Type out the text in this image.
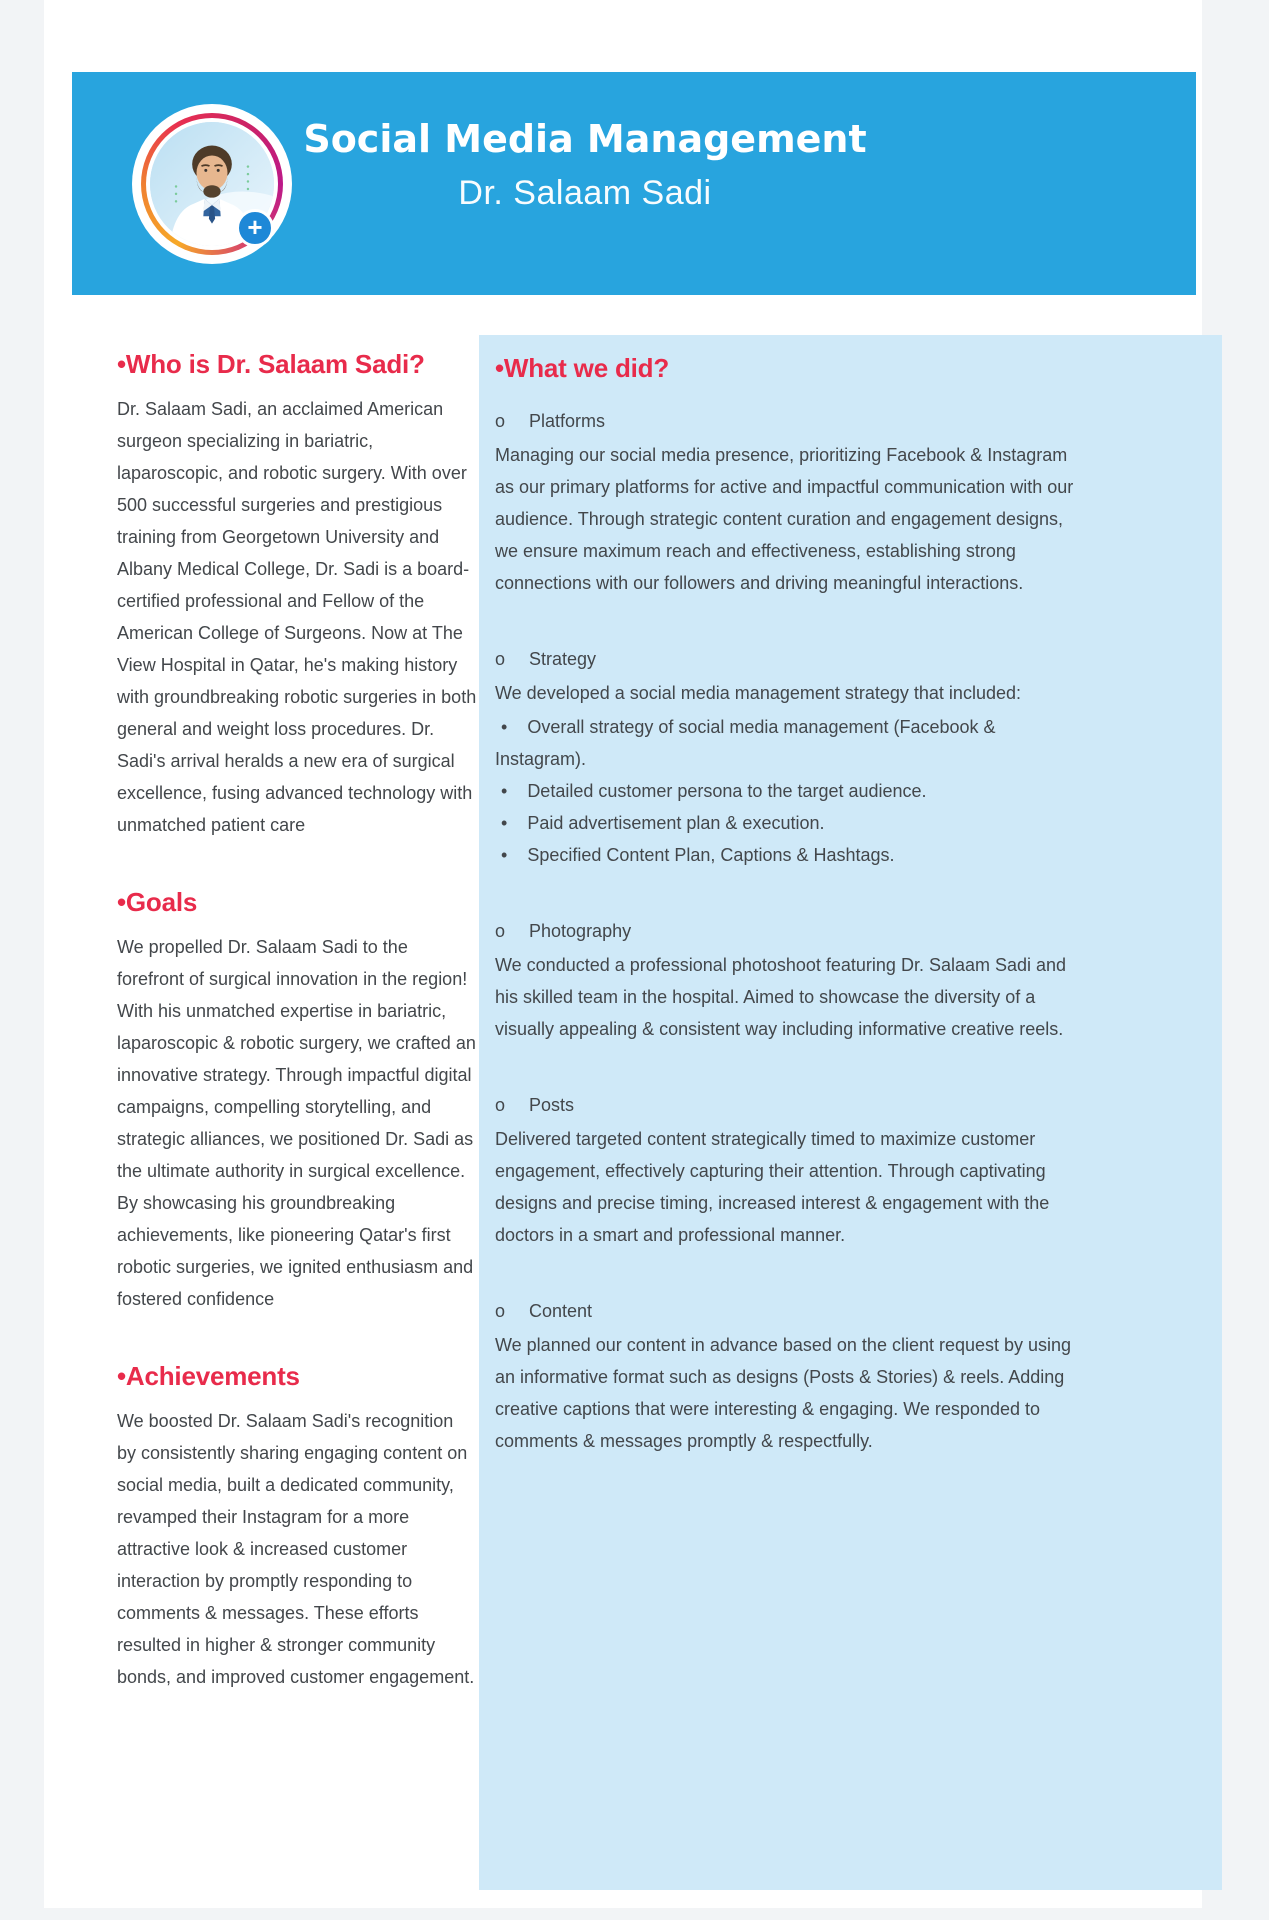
+
Social Media Management
Dr. Salaam Sadi
•Who is Dr. Salaam Sadi?
Dr. Salaam Sadi, an acclaimed American surgeon specializing in bariatric, laparoscopic, and robotic surgery. With over 500 successful surgeries and prestigious training from Georgetown University and Albany Medical College, Dr. Sadi is a board-certified professional and Fellow of the American College of Surgeons. Now at The View Hospital in Qatar, he's making history with groundbreaking robotic surgeries in both general and weight loss procedures. Dr. Sadi's arrival heralds a new era of surgical excellence, fusing advanced technology with unmatched patient care
•Goals
We propelled Dr. Salaam Sadi to the forefront of surgical innovation in the region! With his unmatched expertise in bariatric, laparoscopic & robotic surgery, we crafted an innovative strategy. Through impactful digital campaigns, compelling storytelling, and strategic alliances, we positioned Dr. Sadi as the ultimate authority in surgical excellence. By showcasing his groundbreaking achievements, like pioneering Qatar's first robotic surgeries, we ignited enthusiasm and fostered confidence
•Achievements
We boosted Dr. Salaam Sadi's recognition by consistently sharing engaging content on social media, built a dedicated community, revamped their Instagram for a more attractive look & increased customer interaction by promptly responding to comments & messages. These efforts resulted in higher & stronger community bonds, and improved customer engagement.
•What we did?
o Platforms
Managing our social media presence, prioritizing Facebook & Instagram as our primary platforms for active and impactful communication with our audience. Through strategic content curation and engagement designs, we ensure maximum reach and effectiveness, establishing strong connections with our followers and driving meaningful interactions.
o Strategy
We developed a social media management strategy that included:
• Overall strategy of social media management (Facebook & Instagram).
• Detailed customer persona to the target audience.
• Paid advertisement plan & execution.
• Specified Content Plan, Captions & Hashtags.
o Photography
We conducted a professional photoshoot featuring Dr. Salaam Sadi and his skilled team in the hospital. Aimed to showcase the diversity of a visually appealing & consistent way including informative creative reels.
o Posts
Delivered targeted content strategically timed to maximize customer engagement, effectively capturing their attention. Through captivating designs and precise timing, increased interest & engagement with the doctors in a smart and professional manner.
o Content
We planned our content in advance based on the client request by using an informative format such as designs (Posts & Stories) & reels. Adding creative captions that were interesting & engaging. We responded to comments & messages promptly & respectfully.
